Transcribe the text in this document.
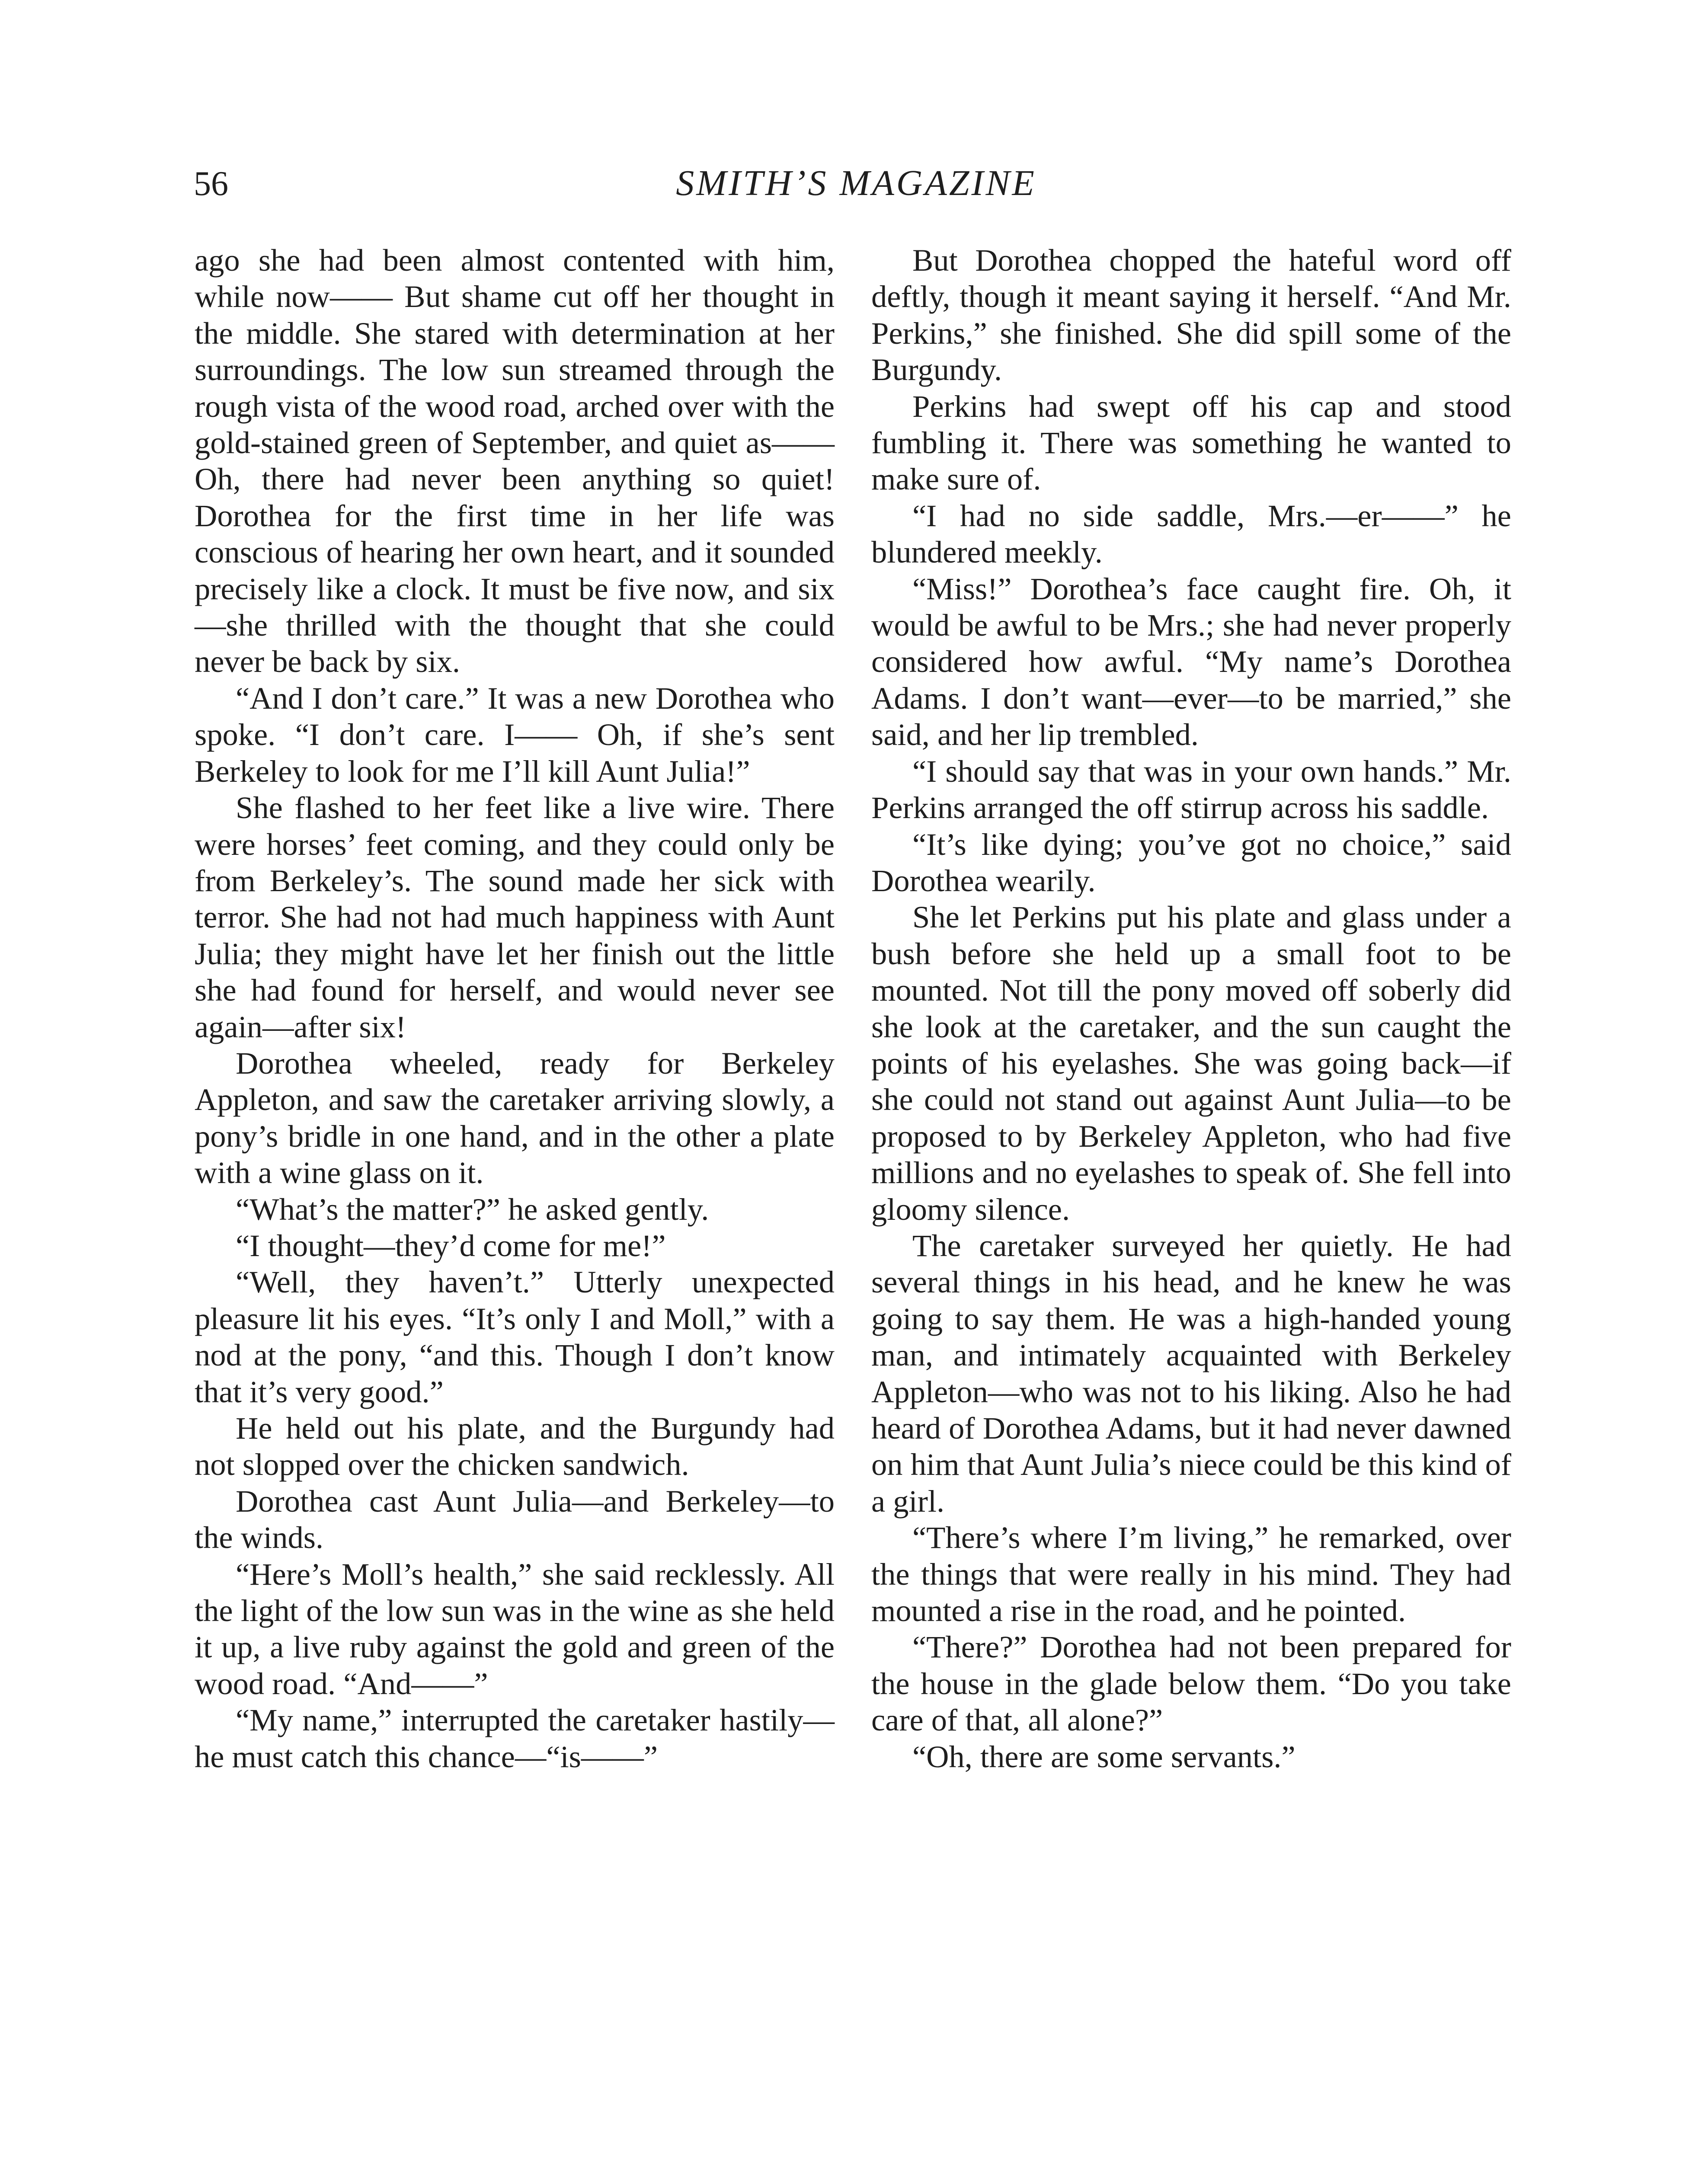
56	SMITH’S MAGAZINE

ago she had been almost contented with him, while now—— But shame cut off her thought in the middle. She stared with determination at her surroundings. The low sun streamed through the rough vista of the wood road, arched over with the gold-stained green of September, and quiet as—— Oh, there had never been anything so quiet! Dorothea for the first time in her life was conscious of hearing her own heart, and it sounded precisely like a clock. It must be five now, and six—she thrilled with the thought that she could never be back by six.

“And I don’t care.” It was a new Dorothea who spoke. “I don’t care. I—— Oh, if she’s sent Berkeley to look for me I’ll kill Aunt Julia!”

She flashed to her feet like a live wire. There were horses’ feet coming, and they could only be from Berkeley’s. The sound made her sick with terror. She had not had much happiness with Aunt Julia; they might have let her finish out the little she had found for herself, and would never see again—after six!

Dorothea wheeled, ready for Berkeley Appleton, and saw the caretaker arriving slowly, a pony’s bridle in one hand, and in the other a plate with a wine glass on it.

“What’s the matter?” he asked gently.

“I thought—they’d come for me!”

“Well, they haven’t.” Utterly unexpected pleasure lit his eyes. “It’s only I and Moll,” with a nod at the pony, “and this. Though I don’t know that it’s very good.”

He held out his plate, and the Burgundy had not slopped over the chicken sandwich.

Dorothea cast Aunt Julia—and Berkeley—to the winds.

“Here’s Moll’s health,” she said recklessly. All the light of the low sun was in the wine as she held it up, a live ruby against the gold and green of the wood road. “And——”

“My name,” interrupted the caretaker hastily—he must catch this chance—“is——”

But Dorothea chopped the hateful word off deftly, though it meant saying it herself. “And Mr. Perkins,” she finished. She did spill some of the Burgundy.

Perkins had swept off his cap and stood fumbling it. There was something he wanted to make sure of.

“I had no side saddle, Mrs.—er——” he blundered meekly.

“Miss!” Dorothea’s face caught fire. Oh, it would be awful to be Mrs.; she had never properly considered how awful. “My name’s Dorothea Adams. I don’t want—ever—to be married,” she said, and her lip trembled.

“I should say that was in your own hands.” Mr. Perkins arranged the off stirrup across his saddle.

“It’s like dying; you’ve got no choice,” said Dorothea wearily.

She let Perkins put his plate and glass under a bush before she held up a small foot to be mounted. Not till the pony moved off soberly did she look at the caretaker, and the sun caught the points of his eyelashes. She was going back—if she could not stand out against Aunt Julia—to be proposed to by Berkeley Appleton, who had five millions and no eyelashes to speak of. She fell into gloomy silence.

The caretaker surveyed her quietly. He had several things in his head, and he knew he was going to say them. He was a high-handed young man, and intimately acquainted with Berkeley Appleton—who was not to his liking. Also he had heard of Dorothea Adams, but it had never dawned on him that Aunt Julia’s niece could be this kind of a girl.

“There’s where I’m living,” he remarked, over the things that were really in his mind. They had mounted a rise in the road, and he pointed.

“There?” Dorothea had not been prepared for the house in the glade below them. “Do you take care of that, all alone?”

“Oh, there are some servants.”
